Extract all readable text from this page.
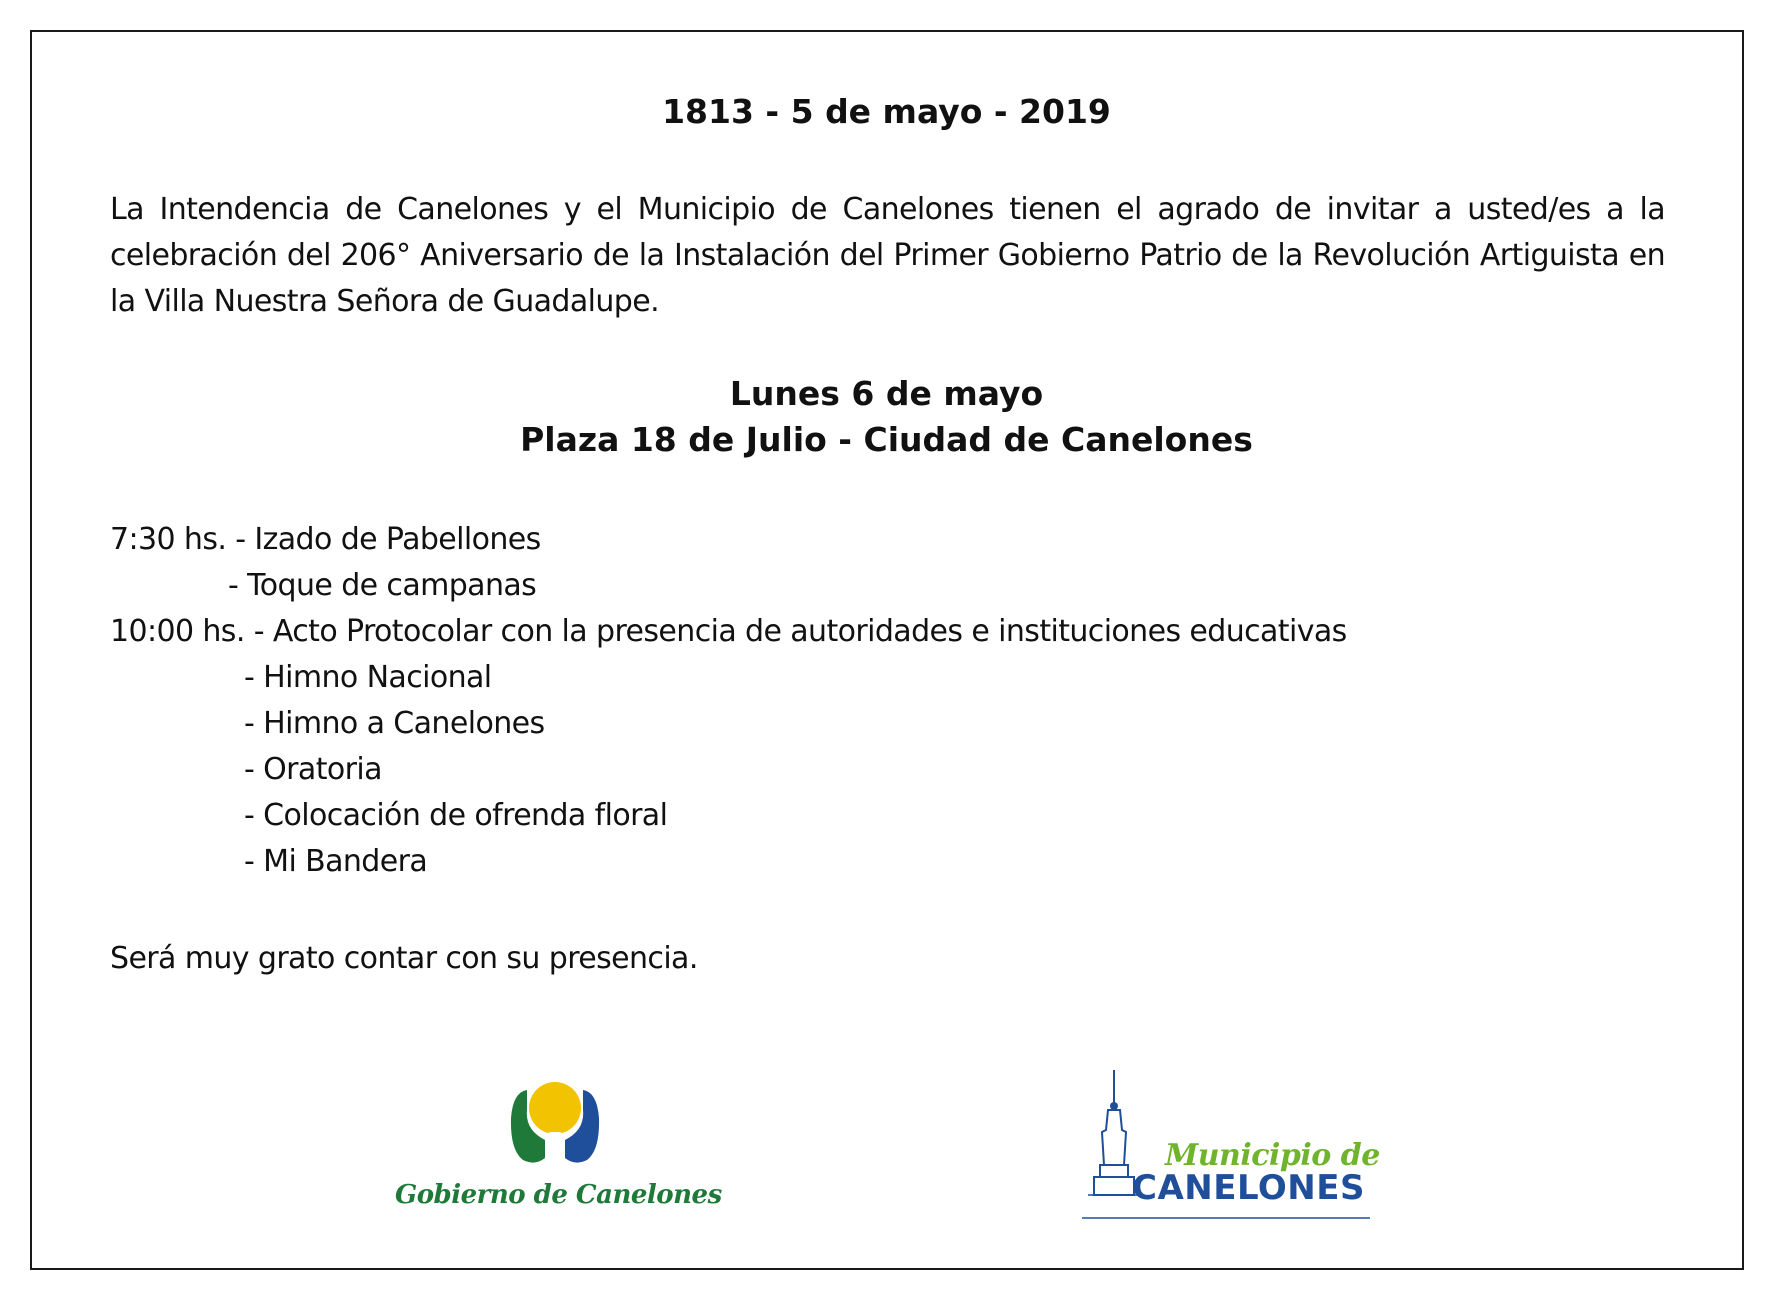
1813 - 5 de mayo - 2019
La Intendencia de Canelones y el Municipio de Canelones tienen el agrado de invitar a usted/es a la celebración del 206° Aniversario de la Instalación del Primer Gobierno Patrio de la Revolución Artiguista en la Villa Nuestra Señora de Guadalupe.
Lunes 6 de mayo
Plaza 18 de Julio - Ciudad de Canelones
7:30 hs. - Izado de Pabellones
- Toque de campanas
10:00 hs. - Acto Protocolar con la presencia de autoridades e instituciones educativas
- Himno Nacional
- Himno a Canelones
- Oratoria
- Colocación de ofrenda floral
- Mi Bandera
Será muy grato contar con su presencia.
Gobierno de Canelones
Municipio de
CANELONES
